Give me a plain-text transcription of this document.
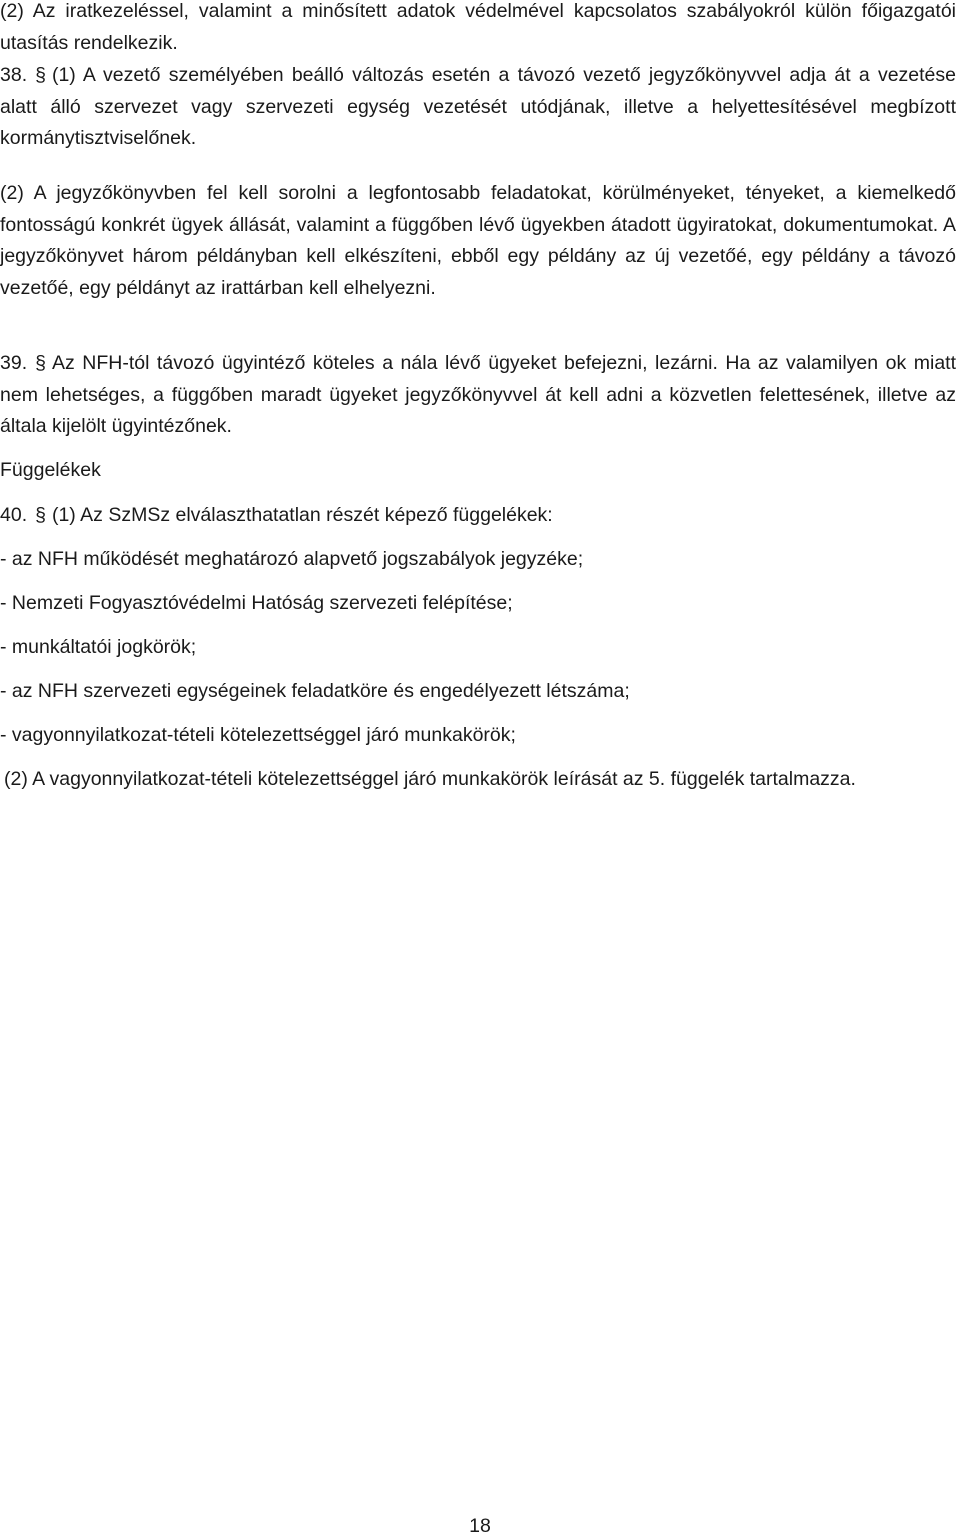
(2) Az iratkezeléssel, valamint a minősített adatok védelmével kapcsolatos szabályokról külön főigazgatói utasítás rendelkezik.

38. § (1) A vezető személyében beálló változás esetén a távozó vezető jegyzőkönyvvel adja át a vezetése alatt álló szervezet vagy szervezeti egység vezetését utódjának, illetve a helyettesítésével megbízott kormánytisztviselőnek.

(2) A jegyzőkönyvben fel kell sorolni a legfontosabb feladatokat, körülményeket, tényeket, a kiemelkedő fontosságú konkrét ügyek állását, valamint a függőben lévő ügyekben átadott ügyiratokat, dokumentumokat. A jegyzőkönyvet három példányban kell elkészíteni, ebből egy példány az új vezetőé, egy példány a távozó vezetőé, egy példányt az irattárban kell elhelyezni.

39. § Az NFH-tól távozó ügyintéző köteles a nála lévő ügyeket befejezni, lezárni. Ha az valamilyen ok miatt nem lehetséges, a függőben maradt ügyeket jegyzőkönyvvel át kell adni a közvetlen felettesének, illetve az általa kijelölt ügyintézőnek.

Függelékek

40. § (1) Az SzMSz elválaszthatatlan részét képező függelékek:

- az NFH működését meghatározó alapvető jogszabályok jegyzéke;

- Nemzeti Fogyasztóvédelmi Hatóság szervezeti felépítése;

- munkáltatói jogkörök;

- az NFH szervezeti egységeinek feladatköre és engedélyezett létszáma;

- vagyonnyilatkozat-tételi kötelezettséggel járó munkakörök;

(2) A vagyonnyilatkozat-tételi kötelezettséggel járó munkakörök leírását az 5. függelék tartalmazza.

18
